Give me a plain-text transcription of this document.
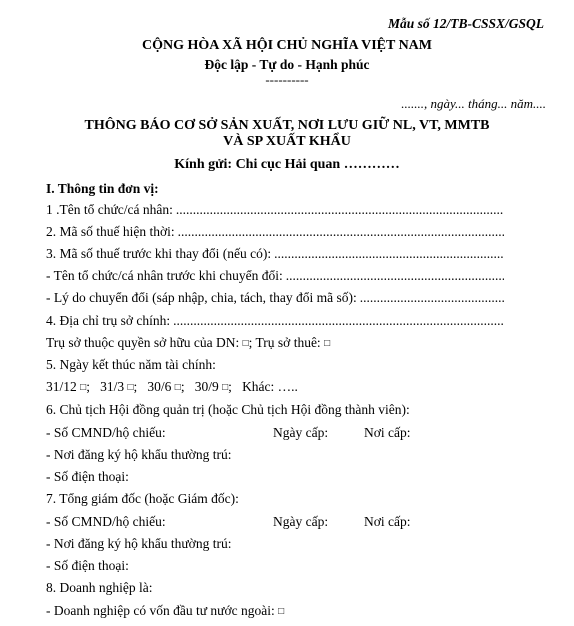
Mẫu số 12/TB-CSSX/GSQL
CỘNG HÒA XÃ HỘI CHỦ NGHĨA VIỆT NAM
Độc lập - Tự do - Hạnh phúc
----------
......., ngày... tháng... năm....
THÔNG BÁO CƠ SỞ SẢN XUẤT, NƠI LƯU GIỮ NL, VT, MMTB
VÀ SP XUẤT KHẨU
Kính gửi: Chi cục Hải quan …………
I. Thông tin đơn vị:
1 .Tên tổ chức/cá nhân:
.....
2. Mã số thuế hiện thời:
.....
3. Mã số thuế trước khi thay đổi (nếu có):
.....
- Tên tổ chức/cá nhân trước khi chuyển đổi:
.....
- Lý do chuyển đổi (sáp nhập, chia, tách, thay đổi mã số):
.....
4. Địa chỉ trụ sở chính:
.....
Trụ sở thuộc quyền sở hữu của DN: □; Trụ sở thuê: □
5. Ngày kết thúc năm tài chính:
31/12 □;   31/3 □;   30/6 □;   30/9 □;   Khác: …..
6. Chủ tịch Hội đồng quản trị (hoặc Chủ tịch Hội đồng thành viên):
- Số CMND/hộ chiếu:	Ngày cấp:	Nơi cấp:
- Nơi đăng ký hộ khẩu thường trú:
- Số điện thoại:
7. Tổng giám đốc (hoặc Giám đốc):
- Số CMND/hộ chiếu:	Ngày cấp:	Nơi cấp:
- Nơi đăng ký hộ khẩu thường trú:
- Số điện thoại:
8. Doanh nghiệp là:
- Doanh nghiệp có vốn đầu tư nước ngoài: □
